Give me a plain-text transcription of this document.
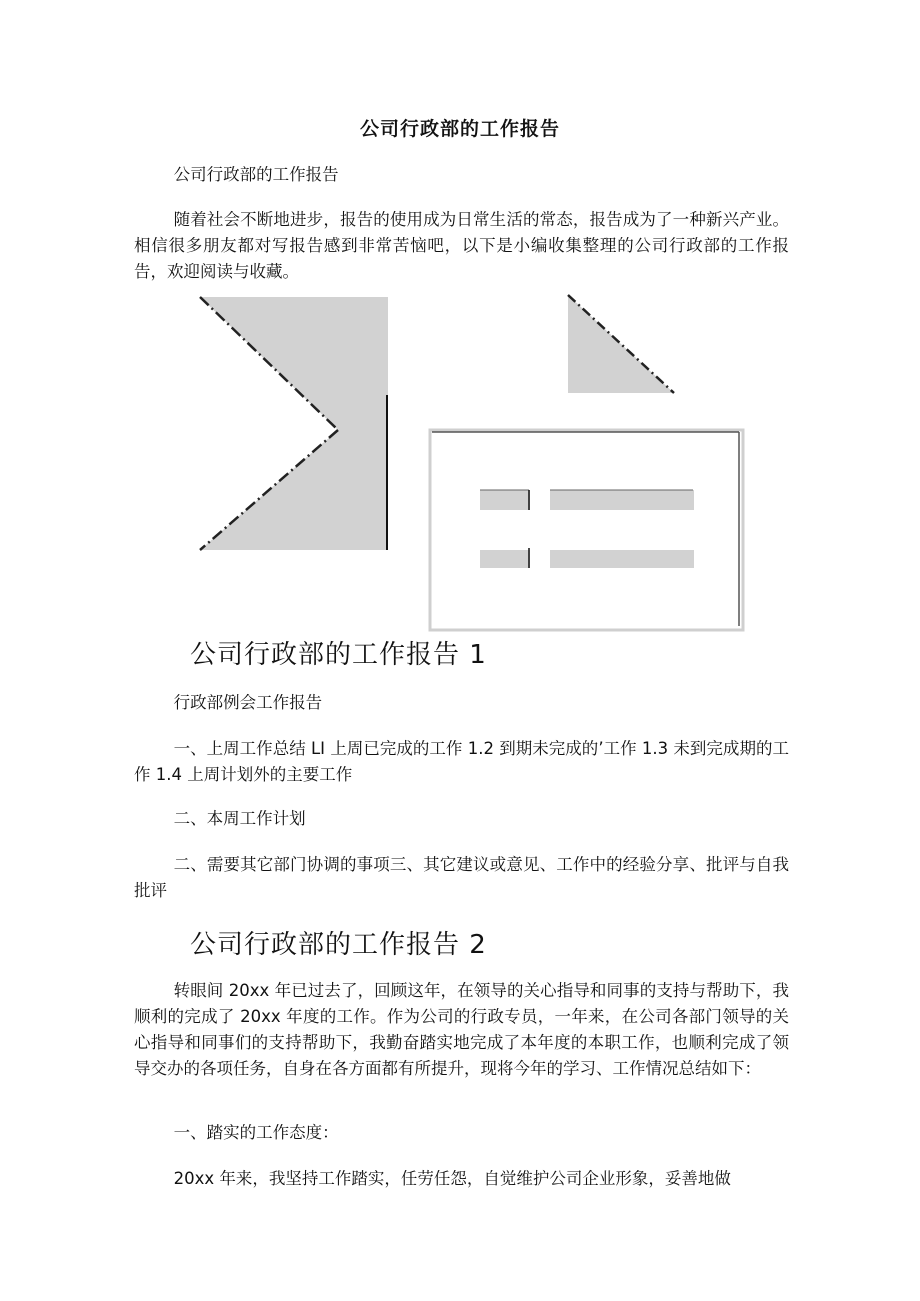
公司行政部的工作报告

公司行政部的工作报告

随着社会不断地进步，报告的使用成为日常生活的常态，报告成为了一种新兴产业。相信很多朋友都对写报告感到非常苦恼吧，以下是小编收集整理的公司行政部的工作报告，欢迎阅读与收藏。

公司行政部的工作报告 1

行政部例会工作报告

一、上周工作总结 LI 上周已完成的工作 1.2 到期未完成的’工作 1.3 未到完成期的工作 1.4 上周计划外的主要工作

二、本周工作计划

二、需要其它部门协调的事项三、其它建议或意见、工作中的经验分享、批评与自我批评

公司行政部的工作报告 2

转眼间 20xx 年已过去了，回顾这年，在领导的关心指导和同事的支持与帮助下，我顺利的完成了 20xx 年度的工作。作为公司的行政专员，一年来，在公司各部门领导的关心指导和同事们的支持帮助下，我勤奋踏实地完成了本年度的本职工作，也顺利完成了领导交办的各项任务，自身在各方面都有所提升，现将今年的学习、工作情况总结如下：

一、踏实的工作态度：

20xx 年来，我坚持工作踏实，任劳任怨，自觉维护公司企业形象，妥善地做
